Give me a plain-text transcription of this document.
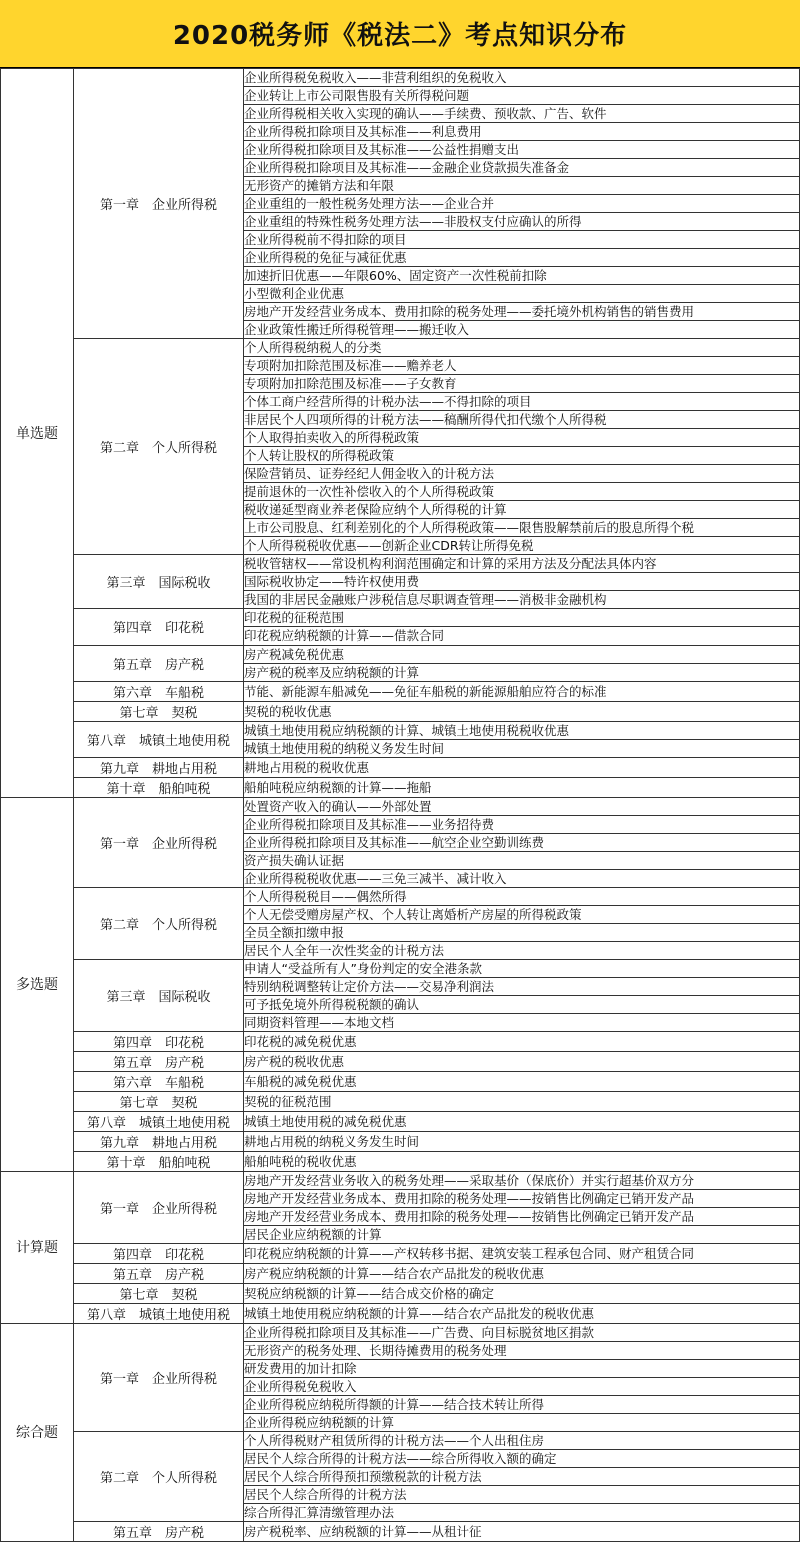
2020税务师《税法二》考点知识分布
单选题	第一章　企业所得税	企业所得税免税收入——非营利组织的免税收入
		企业转让上市公司限售股有关所得税问题
		企业所得税相关收入实现的确认——手续费、预收款、广告、软件
		企业所得税扣除项目及其标准——利息费用
		企业所得税扣除项目及其标准——公益性捐赠支出
		企业所得税扣除项目及其标准——金融企业贷款损失准备金
		无形资产的摊销方法和年限
		企业重组的一般性税务处理方法——企业合并
		企业重组的特殊性税务处理方法——非股权支付应确认的所得
		企业所得税前不得扣除的项目
		企业所得税的免征与减征优惠
		加速折旧优惠——年限60%、固定资产一次性税前扣除
		小型微利企业优惠
		房地产开发经营业务成本、费用扣除的税务处理——委托境外机构销售的销售费用
		企业政策性搬迁所得税管理——搬迁收入
	第二章　个人所得税	个人所得税纳税人的分类
		专项附加扣除范围及标准——赡养老人
		专项附加扣除范围及标准——子女教育
		个体工商户经营所得的计税办法——不得扣除的项目
		非居民个人四项所得的计税方法——稿酬所得代扣代缴个人所得税
		个人取得拍卖收入的所得税政策
		个人转让股权的所得税政策
		保险营销员、证券经纪人佣金收入的计税方法
		提前退休的一次性补偿收入的个人所得税政策
		税收递延型商业养老保险应纳个人所得税的计算
		上市公司股息、红利差别化的个人所得税政策——限售股解禁前后的股息所得个税
		个人所得税税收优惠——创新企业CDR转让所得免税
	第三章　国际税收	税收管辖权——常设机构利润范围确定和计算的采用方法及分配法具体内容
		国际税收协定——特许权使用费
		我国的非居民金融账户涉税信息尽职调查管理——消极非金融机构
	第四章　印花税	印花税的征税范围
		印花税应纳税额的计算——借款合同
	第五章　房产税	房产税减免税优惠
		房产税的税率及应纳税额的计算
	第六章　车船税	节能、新能源车船减免——免征车船税的新能源船舶应符合的标准
	第七章　契税	契税的税收优惠
	第八章　城镇土地使用税	城镇土地使用税应纳税额的计算、城镇土地使用税税收优惠
		城镇土地使用税的纳税义务发生时间
	第九章　耕地占用税	耕地占用税的税收优惠
	第十章　船舶吨税	船舶吨税应纳税额的计算——拖船
多选题	第一章　企业所得税	处置资产收入的确认——外部处置
		企业所得税扣除项目及其标准——业务招待费
		企业所得税扣除项目及其标准——航空企业空勤训练费
		资产损失确认证据
		企业所得税税收优惠——三免三减半、减计收入
	第二章　个人所得税	个人所得税税目——偶然所得
		个人无偿受赠房屋产权、个人转让离婚析产房屋的所得税政策
		全员全额扣缴申报
		居民个人全年一次性奖金的计税方法
	第三章　国际税收	申请人“受益所有人”身份判定的安全港条款
		特别纳税调整转让定价方法——交易净利润法
		可予抵免境外所得税税额的确认
		同期资料管理——本地文档
	第四章　印花税	印花税的减免税优惠
	第五章　房产税	房产税的税收优惠
	第六章　车船税	车船税的减免税优惠
	第七章　契税	契税的征税范围
	第八章　城镇土地使用税	城镇土地使用税的减免税优惠
	第九章　耕地占用税	耕地占用税的纳税义务发生时间
	第十章　船舶吨税	船舶吨税的税收优惠
计算题	第一章　企业所得税	房地产开发经营业务收入的税务处理——采取基价（保底价）并实行超基价双方分
		房地产开发经营业务成本、费用扣除的税务处理——按销售比例确定已销开发产品
		房地产开发经营业务成本、费用扣除的税务处理——按销售比例确定已销开发产品
		居民企业应纳税额的计算
	第四章　印花税	印花税应纳税额的计算——产权转移书据、建筑安装工程承包合同、财产租赁合同
	第五章　房产税	房产税应纳税额的计算——结合农产品批发的税收优惠
	第七章　契税	契税应纳税额的计算——结合成交价格的确定
	第八章　城镇土地使用税	城镇土地使用税应纳税额的计算——结合农产品批发的税收优惠
综合题	第一章　企业所得税	企业所得税扣除项目及其标准——广告费、向目标脱贫地区捐款
		无形资产的税务处理、长期待摊费用的税务处理
		研发费用的加计扣除
		企业所得税免税收入
		企业所得税应纳税所得额的计算——结合技术转让所得
		企业所得税应纳税额的计算
	第二章　个人所得税	个人所得税财产租赁所得的计税方法——个人出租住房
		居民个人综合所得的计税方法——综合所得收入额的确定
		居民个人综合所得预扣预缴税款的计税方法
		居民个人综合所得的计税方法
		综合所得汇算清缴管理办法
	第五章　房产税	房产税税率、应纳税额的计算——从租计征
